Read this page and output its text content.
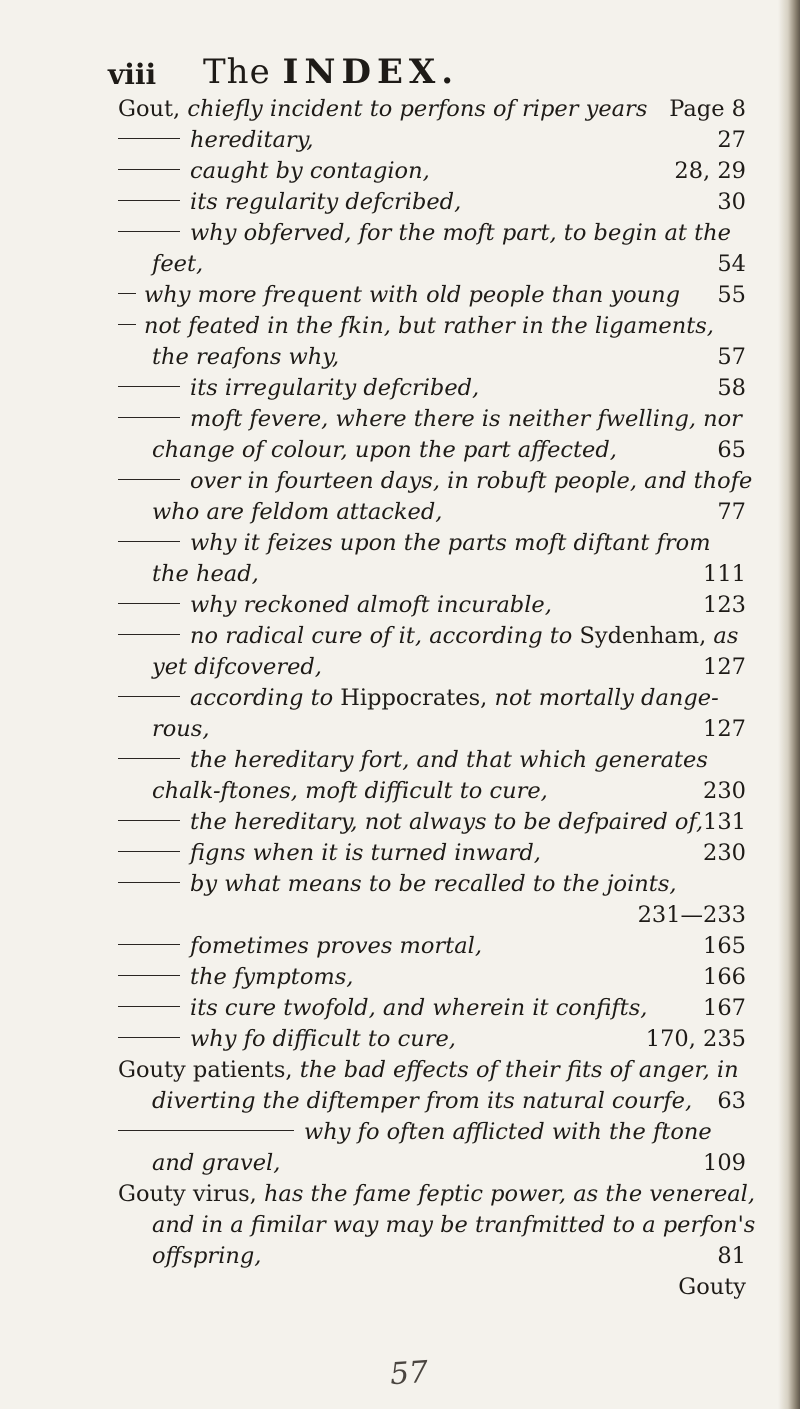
viii The INDEX.
Gout, chiefly incident to perfons of riper years Page 8
hereditary,	27
caught by contagion,	28, 29
its regularity defcribed,	30
why obferved, for the moft part, to begin at the
feet,	54
why more frequent with old people than young 55
not feated in the fkin, but rather in the ligaments,
the reafons why,	57
its irregularity defcribed,	58
moft fevere, where there is neither fwelling, nor
change of colour, upon the part affected,	65
over in fourteen days, in robuft people, and thofe
who are feldom attacked,	77
why it feizes upon the parts moft diftant from
the head,	111
why reckoned almoft incurable,	123
no radical cure of it, according to Sydenham, as
yet difcovered,	127
according to Hippocrates, not mortally dange-
rous,	127
the hereditary fort, and that which generates
chalk-ftones, moft difficult to cure,	230
the hereditary, not always to be defpaired of, 131
figns when it is turned inward,	230
by what means to be recalled to the joints,
231—233
fometimes proves mortal,	165
the fymptoms,	166
its cure twofold, and wherein it confifts, 167
why fo difficult to cure,	170, 235
Gouty patients, the bad effects of their fits of anger, in
diverting the diftemper from its natural courfe, 63
why fo often afflicted with the ftone
and gravel,	109
Gouty virus, has the fame feptic power, as the venereal,
and in a fimilar way may be tranfmitted to a perfon's
offspring,	81
Gouty
57
